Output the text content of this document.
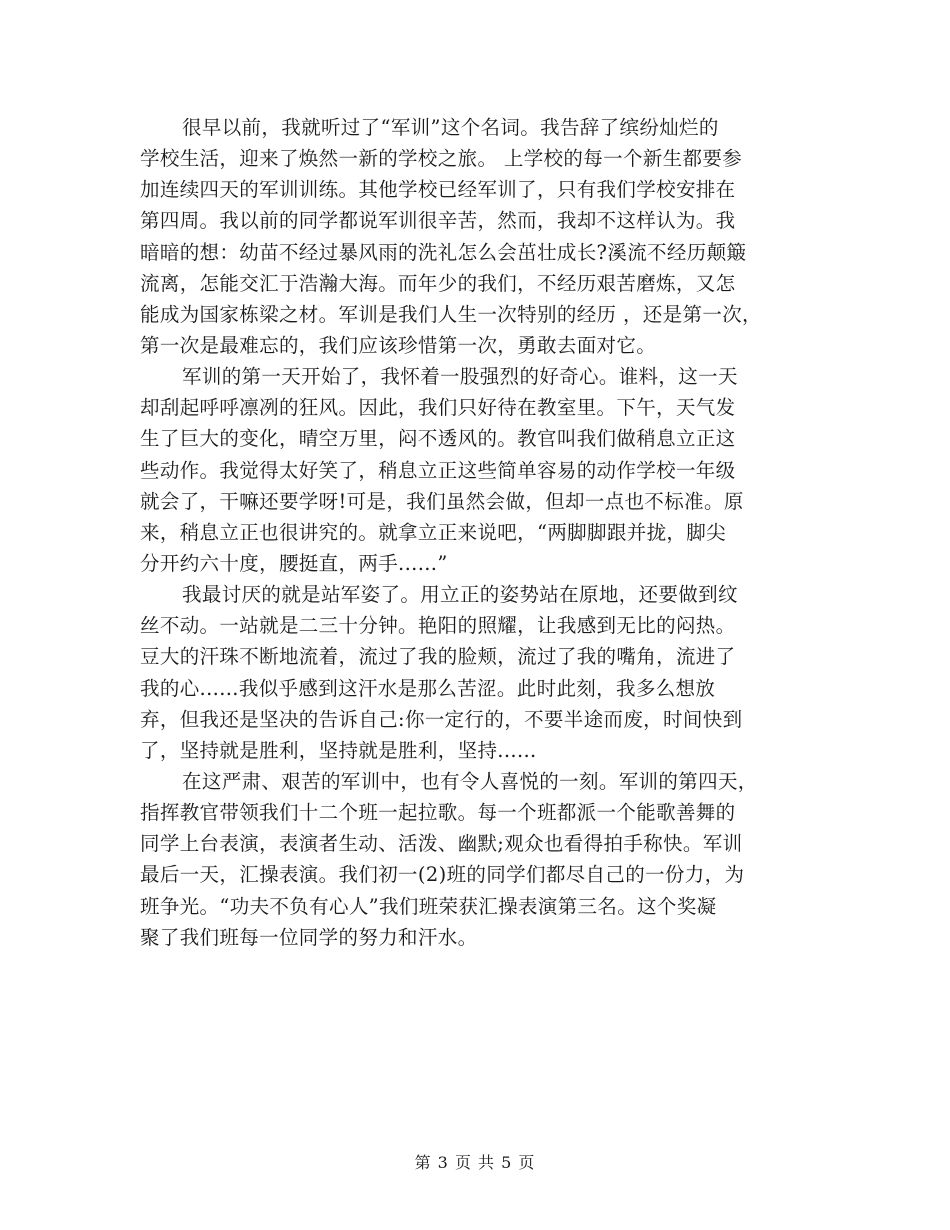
很早以前，我就听过了“军训”这个名词。我告辞了缤纷灿烂的
学校生活，迎来了焕然一新的学校之旅。 上学校的每一个新生都要参
加连续四天的军训训练。其他学校已经军训了，只有我们学校安排在
第四周。我以前的同学都说军训很辛苦，然而，我却不这样认为。我
暗暗的想：幼苗不经过暴风雨的洗礼怎么会茁壮成长?溪流不经历颠簸
流离，怎能交汇于浩瀚大海。而年少的我们，不经历艰苦磨炼，又怎
能成为国家栋梁之材。军训是我们人生一次特别的经历 ，还是第一次，
第一次是最难忘的，我们应该珍惜第一次，勇敢去面对它。
军训的第一天开始了，我怀着一股强烈的好奇心。谁料，这一天
却刮起呼呼凛冽的狂风。因此，我们只好待在教室里。下午，天气发
生了巨大的变化，晴空万里，闷不透风的。教官叫我们做稍息立正这
些动作。我觉得太好笑了，稍息立正这些简单容易的动作学校一年级
就会了，干嘛还要学呀!可是，我们虽然会做，但却一点也不标准。原
来，稍息立正也很讲究的。就拿立正来说吧，“两脚脚跟并拢，脚尖
分开约六十度，腰挺直，两手......”
我最讨厌的就是站军姿了。用立正的姿势站在原地，还要做到纹
丝不动。一站就是二三十分钟。艳阳的照耀，让我感到无比的闷热。
豆大的汗珠不断地流着，流过了我的脸颊，流过了我的嘴角，流进了
我的心......我似乎感到这汗水是那么苦涩。此时此刻，我多么想放
弃，但我还是坚决的告诉自己:你一定行的，不要半途而废，时间快到
了，坚持就是胜利，坚持就是胜利，坚持......
在这严肃、艰苦的军训中，也有令人喜悦的一刻。军训的第四天，
指挥教官带领我们十二个班一起拉歌。每一个班都派一个能歌善舞的
同学上台表演，表演者生动、活泼、幽默;观众也看得拍手称快。军训
最后一天，汇操表演。我们初一(2)班的同学们都尽自己的一份力，为
班争光。“功夫不负有心人”我们班荣获汇操表演第三名。这个奖凝
聚了我们班每一位同学的努力和汗水。
第 3 页 共 5 页
